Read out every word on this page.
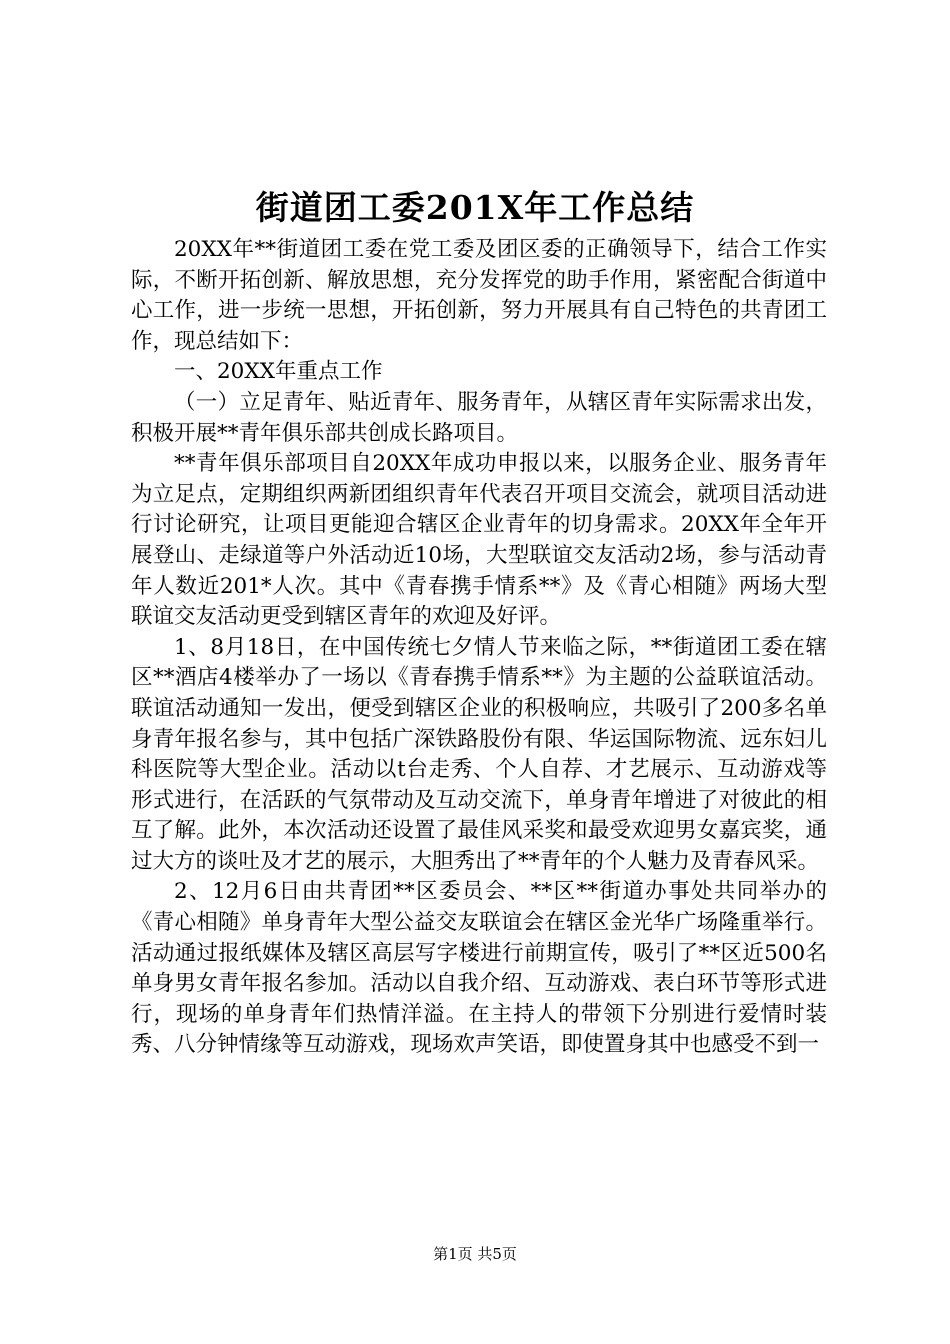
街道团工委201X年工作总结

20XX年**街道团工委在党工委及团区委的正确领导下，结合工作实际，不断开拓创新、解放思想，充分发挥党的助手作用，紧密配合街道中心工作，进一步统一思想，开拓创新，努力开展具有自己特色的共青团工作，现总结如下：

一、20XX年重点工作

（一）立足青年、贴近青年、服务青年，从辖区青年实际需求出发，积极开展**青年俱乐部共创成长路项目。

**青年俱乐部项目自20XX年成功申报以来，以服务企业、服务青年为立足点，定期组织两新团组织青年代表召开项目交流会，就项目活动进行讨论研究，让项目更能迎合辖区企业青年的切身需求。20XX年全年开展登山、走绿道等户外活动近10场，大型联谊交友活动2场，参与活动青年人数近201*人次。其中《青春携手情系**》及《青心相随》两场大型联谊交友活动更受到辖区青年的欢迎及好评。

1、8月18日，在中国传统七夕情人节来临之际，**街道团工委在辖区**酒店4楼举办了一场以《青春携手情系**》为主题的公益联谊活动。联谊活动通知一发出，便受到辖区企业的积极响应，共吸引了200多名单身青年报名参与，其中包括广深铁路股份有限、华运国际物流、远东妇儿科医院等大型企业。活动以t台走秀、个人自荐、才艺展示、互动游戏等形式进行，在活跃的气氛带动及互动交流下，单身青年增进了对彼此的相互了解。此外，本次活动还设置了最佳风采奖和最受欢迎男女嘉宾奖，通过大方的谈吐及才艺的展示，大胆秀出了**青年的个人魅力及青春风采。

2、12月6日由共青团**区委员会、**区**街道办事处共同举办的《青心相随》单身青年大型公益交友联谊会在辖区金光华广场隆重举行。活动通过报纸媒体及辖区高层写字楼进行前期宣传，吸引了**区近500名单身男女青年报名参加。活动以自我介绍、互动游戏、表白环节等形式进行，现场的单身青年们热情洋溢。在主持人的带领下分别进行爱情时装秀、八分钟情缘等互动游戏，现场欢声笑语，即使置身其中也感受不到一

第1页 共5页
